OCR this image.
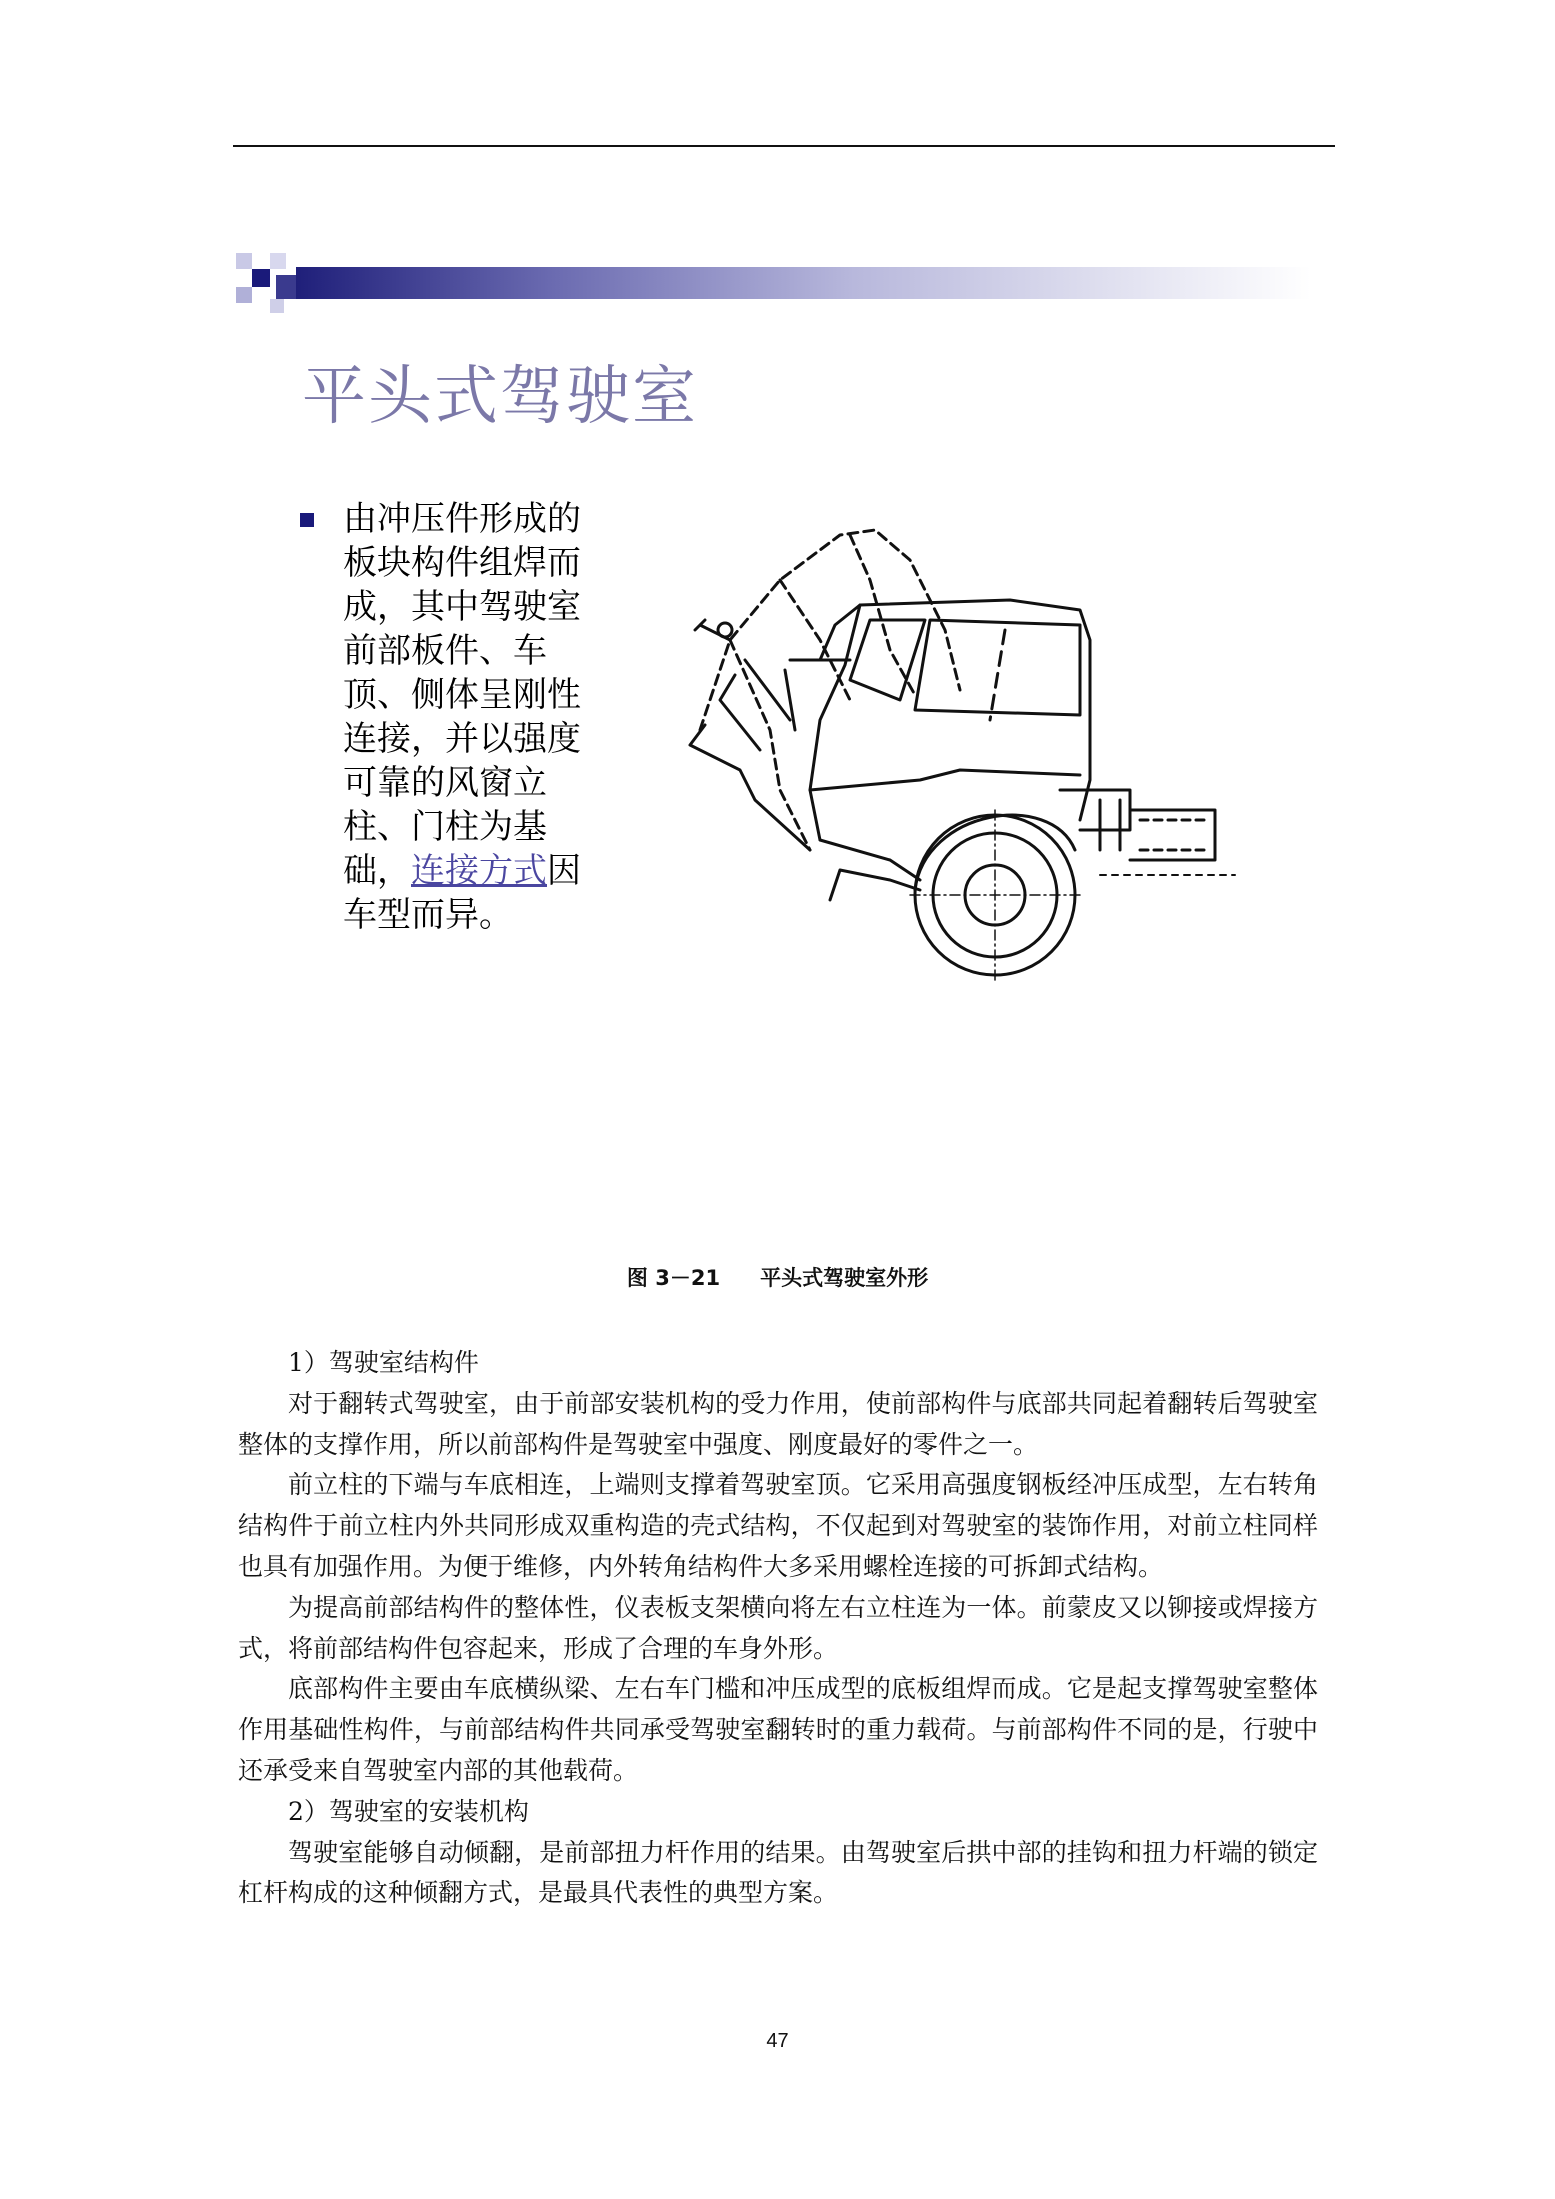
平头式驾驶室
由冲压件形成的板块构件组焊而成，其中驾驶室前部板件、车顶、侧体呈刚性连接，并以强度可靠的风窗立柱、门柱为基础，连接方式因车型而异。
图 3－21 平头式驾驶室外形

1）驾驶室结构件

对于翻转式驾驶室，由于前部安装机构的受力作用，使前部构件与底部共同起着翻转后驾驶室整体的支撑作用，所以前部构件是驾驶室中强度、刚度最好的零件之一。

前立柱的下端与车底相连，上端则支撑着驾驶室顶。它采用高强度钢板经冲压成型，左右转角结构件于前立柱内外共同形成双重构造的壳式结构，不仅起到对驾驶室的装饰作用，对前立柱同样也具有加强作用。为便于维修，内外转角结构件大多采用螺栓连接的可拆卸式结构。

为提高前部结构件的整体性，仪表板支架横向将左右立柱连为一体。前蒙皮又以铆接或焊接方式，将前部结构件包容起来，形成了合理的车身外形。

底部构件主要由车底横纵梁、左右车门槛和冲压成型的底板组焊而成。它是起支撑驾驶室整体作用基础性构件，与前部结构件共同承受驾驶室翻转时的重力载荷。与前部构件不同的是，行驶中还承受来自驾驶室内部的其他载荷。

2）驾驶室的安装机构

驾驶室能够自动倾翻，是前部扭力杆作用的结果。由驾驶室后拱中部的挂钩和扭力杆端的锁定杠杆构成的这种倾翻方式，是最具代表性的典型方案。

47
